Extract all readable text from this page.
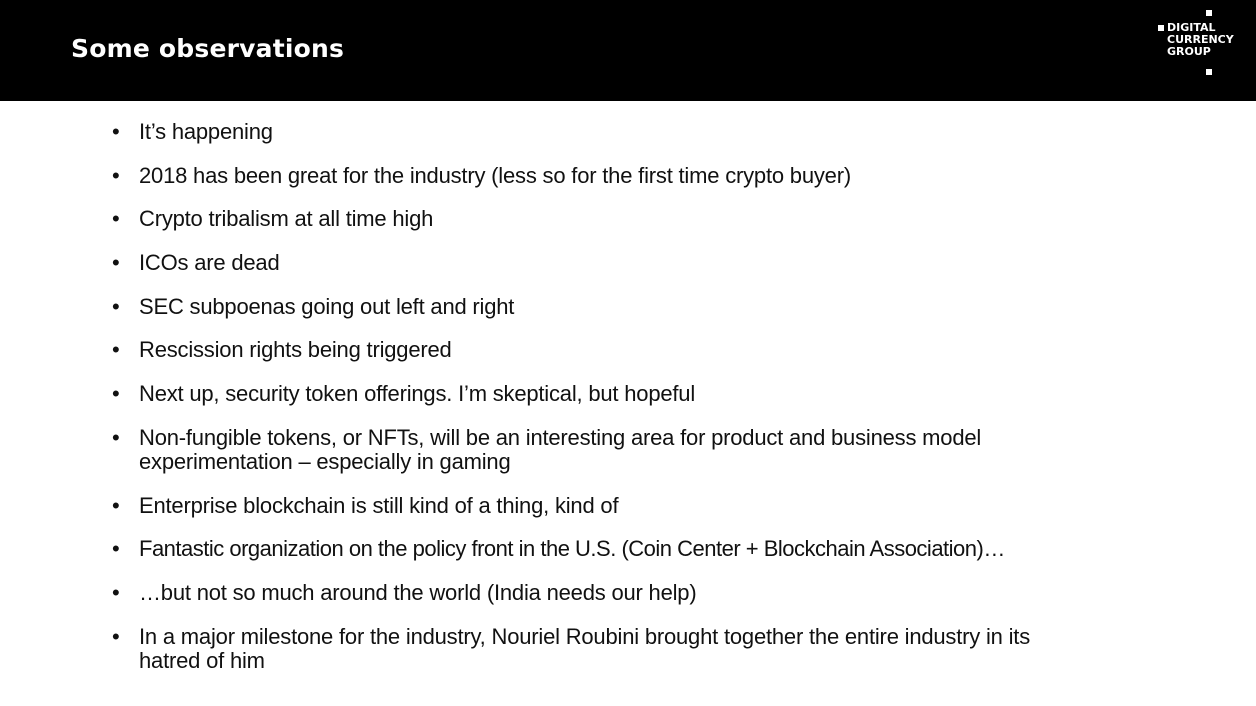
Some observations
DIGITAL
CURRENCY
GROUP
• It’s happening
• 2018 has been great for the industry (less so for the first time crypto buyer)
• Crypto tribalism at all time high
• ICOs are dead
• SEC subpoenas going out left and right
• Rescission rights being triggered
• Next up, security token offerings. I’m skeptical, but hopeful
• Non-fungible tokens, or NFTs, will be an interesting area for product and business model experimentation – especially in gaming
• Enterprise blockchain is still kind of a thing, kind of
• Fantastic organization on the policy front in the U.S. (Coin Center + Blockchain Association)…
• …but not so much around the world (India needs our help)
• In a major milestone for the industry, Nouriel Roubini brought together the entire industry in its hatred of him
